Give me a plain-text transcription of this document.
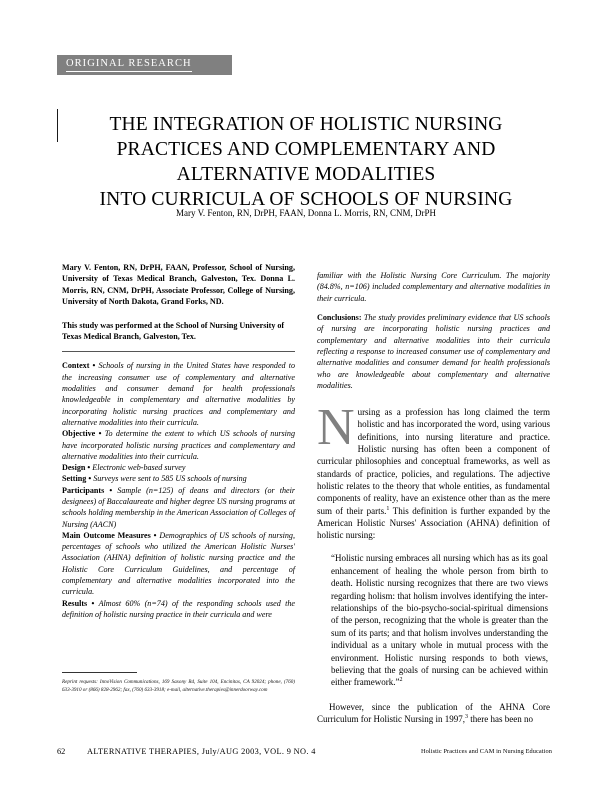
ORIGINAL RESEARCH
THE INTEGRATION OF HOLISTIC NURSING
PRACTICES AND COMPLEMENTARY AND
ALTERNATIVE MODALITIES
INTO CURRICULA OF SCHOOLS OF NURSING
Mary V. Fenton, RN, DrPH, FAAN, Donna L. Morris, RN, CNM, DrPH
Mary V. Fenton, RN, DrPH, FAAN, Professor, School of Nursing, University of Texas Medical Branch, Galveston, Tex. Donna L. Morris, RN, CNM, DrPH, Associate Professor, College of Nursing, University of North Dakota, Grand Forks, ND.
This study was performed at the School of Nursing University of Texas Medical Branch, Galveston, Tex.

Context • Schools of nursing in the United States have responded to the increasing consumer use of complementary and alternative modalities and consumer demand for health professionals knowledgeable in complementary and alternative modalities by incorporating holistic nursing practices and complementary and alternative modalities into their curricula.

Objective • To determine the extent to which US schools of nursing have incorporated holistic nursing practices and complementary and alternative modalities into their curricula.

Design • Electronic web-based survey

Setting • Surveys were sent to 585 US schools of nursing

Participants • Sample (n=125) of deans and directors (or their designees) of Baccalaureate and higher degree US nursing programs at schools holding membership in the American Association of Colleges of Nursing (AACN)

Main Outcome Measures • Demographics of US schools of nursing, percentages of schools who utilized the American Holistic Nurses' Association (AHNA) definition of holistic nursing practice and the Holistic Core Curriculum Guidelines, and percentage of complementary and alternative modalities incorporated into the curricula.

Results • Almost 60% (n=74) of the responding schools used the definition of holistic nursing practice in their curricula and were

Reprint requests: InnoVision Communications, 169 Saxony Rd, Suite 104, Encinitas, CA 92024; phone, (760) 633-3910 or (866) 828-2962; fax, (760) 633-3918; e-mail, alternative.therapies@innerdoorway.com

familiar with the Holistic Nursing Core Curriculum. The majority (84.8%, n=106) included complementary and alternative modalities in their curricula.

Conclusions: The study provides preliminary evidence that US schools of nursing are incorporating holistic nursing practices and complementary and alternative modalities into their curricula reflecting a response to increased consumer use of complementary and alternative modalities and consumer demand for health professionals who are knowledgeable about complementary and alternative modalities.

Nursing as a profession has long claimed the term holistic and has incorporated the word, using various definitions, into nursing literature and practice. Holistic nursing has often been a component of curricular philosophies and conceptual frameworks, as well as standards of practice, policies, and regulations. The adjective holistic relates to the theory that whole entities, as fundamental components of reality, have an existence other than as the mere sum of their parts.$^1$ This definition is further expanded by the American Holistic Nurses' Association (AHNA) definition of holistic nursing:

“Holistic nursing embraces all nursing which has as its goal enhancement of healing the whole person from birth to death. Holistic nursing recognizes that there are two views regarding holism: that holism involves identifying the inter-relationships of the bio-psycho-social-spiritual dimensions of the person, recognizing that the whole is greater than the sum of its parts; and that holism involves understanding the individual as a unitary whole in mutual process with the environment. Holistic nursing responds to both views, believing that the goals of nursing can be achieved within either framework.”$^2$

However, since the publication of the AHNA Core Curriculum for Holistic Nursing in 1997,$^3$ there has been no

62	ALTERNATIVE THERAPIES, July/AUG 2003, VOL. 9 NO. 4	Holistic Practices and CAM in Nursing Education
